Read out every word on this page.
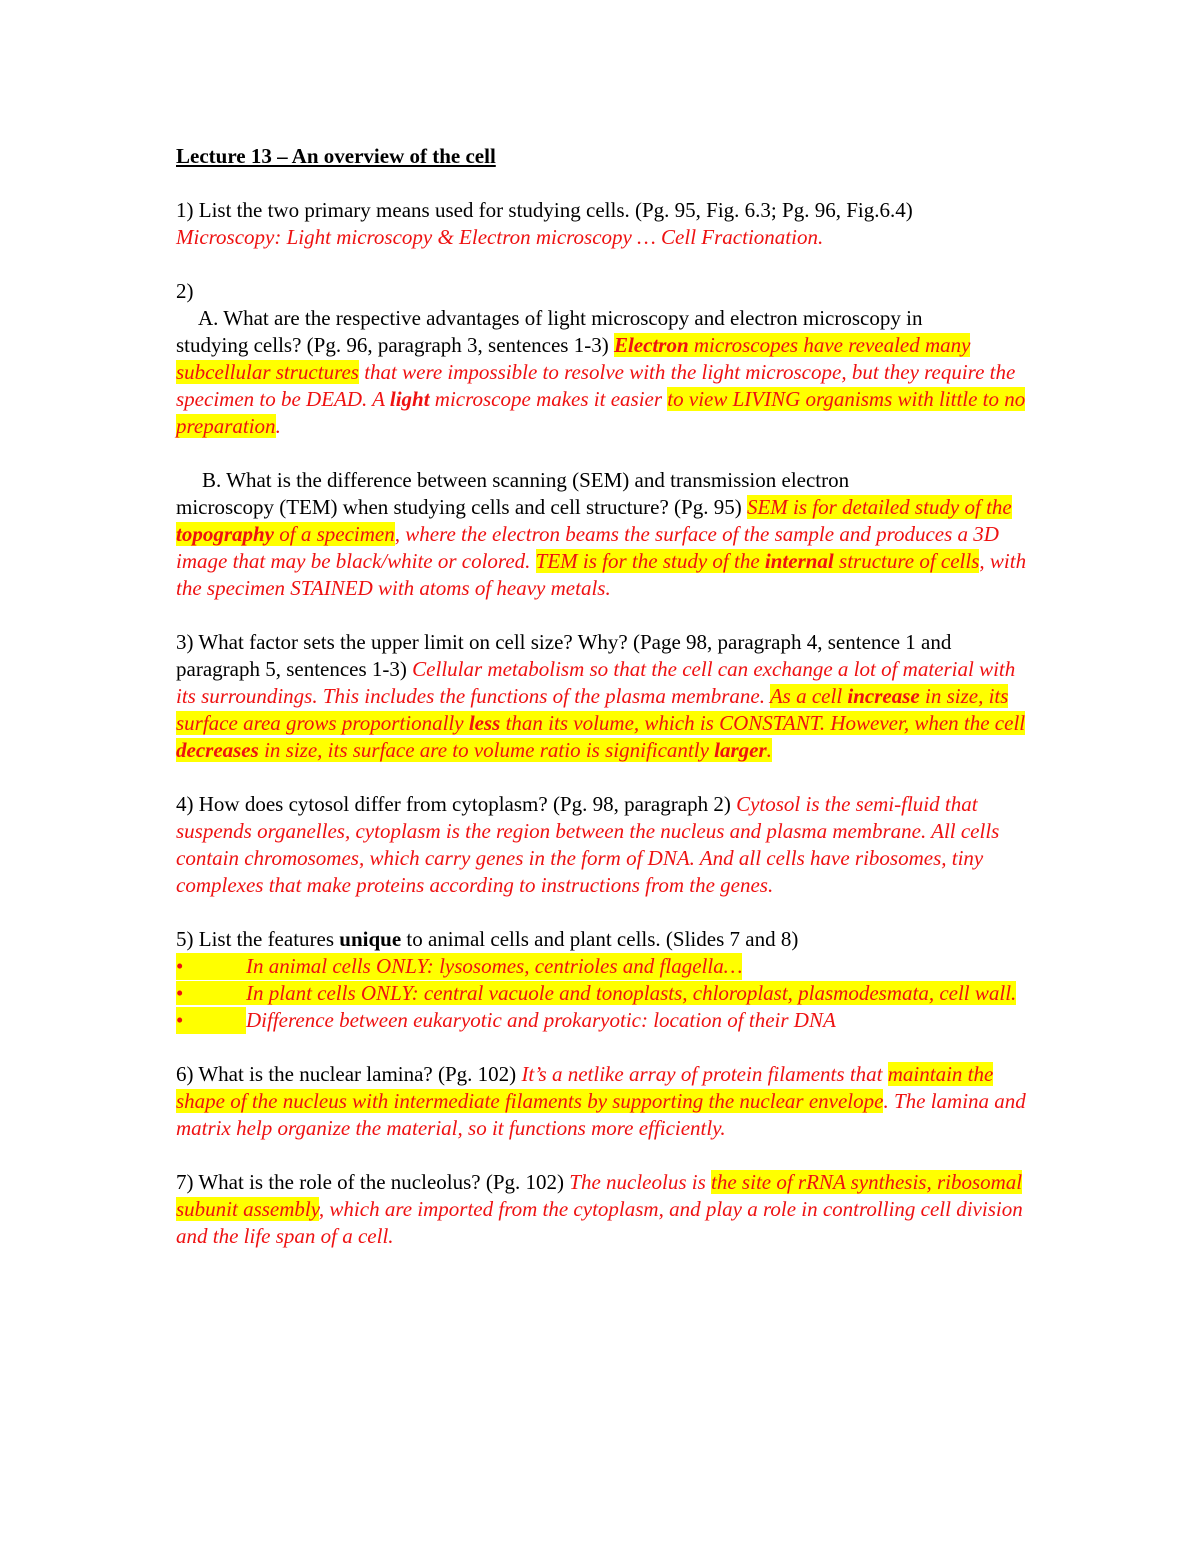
Lecture 13 – An overview of the cell

1) List the two primary means used for studying cells. (Pg. 95, Fig. 6.3; Pg. 96, Fig.6.4)
Microscopy: Light microscopy & Electron microscopy … Cell Fractionation.

2)

A. What are the respective advantages of light microscopy and electron microscopy in
studying cells? (Pg. 96, paragraph 3, sentences 1-3) Electron microscopes have revealed many subcellular structures that were impossible to resolve with the light microscope, but they require the specimen to be DEAD. A light microscope makes it easier to view LIVING organisms with little to no preparation.

B. What is the difference between scanning (SEM) and transmission electron
microscopy (TEM) when studying cells and cell structure? (Pg. 95) SEM is for detailed study of the topography of a specimen, where the electron beams the surface of the sample and produces a 3D image that may be black/white or colored. TEM is for the study of the internal structure of cells, with the specimen STAINED with atoms of heavy metals.

3) What factor sets the upper limit on cell size? Why? (Page 98, paragraph 4, sentence 1 and paragraph 5, sentences 1-3) Cellular metabolism so that the cell can exchange a lot of material with its surroundings. This includes the functions of the plasma membrane. As a cell increase in size, its surface area grows proportionally less than its volume, which is CONSTANT. However, when the cell decreases in size, its surface are to volume ratio is significantly larger.

4) How does cytosol differ from cytoplasm? (Pg. 98, paragraph 2) Cytosol is the semi-fluid that suspends organelles, cytoplasm is the region between the nucleus and plasma membrane. All cells contain chromosomes, which carry genes in the form of DNA. And all cells have ribosomes, tiny complexes that make proteins according to instructions from the genes.

5) List the features unique to animal cells and plant cells. (Slides 7 and 8)

•	In animal cells ONLY: lysosomes, centrioles and flagella…
•	In plant cells ONLY: central vacuole and tonoplasts, chloroplast, plasmodesmata, cell wall.
•	Difference between eukaryotic and prokaryotic: location of their DNA

6) What is the nuclear lamina? (Pg. 102) It’s a netlike array of protein filaments that maintain the shape of the nucleus with intermediate filaments by supporting the nuclear envelope. The lamina and matrix help organize the material, so it functions more efficiently.

7) What is the role of the nucleolus? (Pg. 102) The nucleolus is the site of rRNA synthesis, ribosomal subunit assembly, which are imported from the cytoplasm, and play a role in controlling cell division and the life span of a cell.
